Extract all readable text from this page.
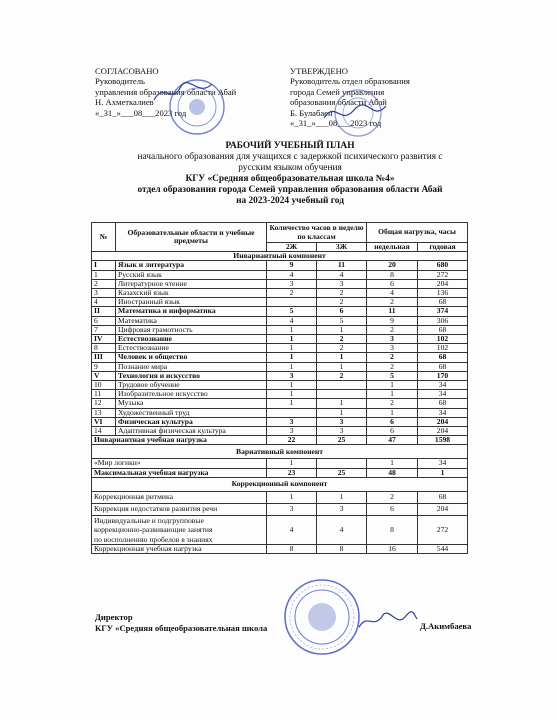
СОГЛАСОВАНО
Руководитель
управления образования области Абай
Н. Ахметкалиев
«_31_»___08___2023 год
УТВЕРЖДЕНО
Руководитель отдел образования
города Семей управления
образования области Абай
Б. Булабаен
«_31_»___08___2023 год
РАБОЧИЙ УЧЕБНЫЙ ПЛАН
начального образования для учащихся с задержкой психического развития с
русским языком обучения
КГУ «Средняя общеобразовательная школа №4»
отдел образования города Семей управления образования области Абай
на 2023-2024 учебный год
№	Образовательные области и учебные предметы	Количество часов в неделю по классам		Общая нагрузка, часы	
		2Ж	3Ж	недельная	годовая
Инвариантный компонент					
I	Язык и литература	9	11	20	680
1	Русский язык	4	4	8	272
2	Литературное чтение	3	3	6	204
3	Казахский язык	2	2	4	136
4	Иностранный язык		2	2	68
II	Математика и информатика	5	6	11	374
6	Математика	4	5	9	306
7	Цифровая грамотность	1	1	2	68
IV	Естествознание	1	2	3	102
8	Естествознание	1	2	3	102
III	Человек и общество	1	1	2	68
9	Познание мира	1	1	2	68
V	Технология и искусство	3	2	5	170
10	Трудовое обучение	1		1	34
11	Изобразительное искусство	1		1	34
12	Музыка	1	1	2	68
13	Художественный труд		1	1	34
VI	Физическая культура	3	3	6	204
14	Адаптивная физическая культура	3	3	6	204
Инвариантная учебная нагрузка		22	25	47	1598
Вариативный компонент					
«Мир логики»		1		1	34
Максимальная учебная нагрузка		23	25	48	1
Коррекционный компонент					
Коррекционная ритмика		1	1	2	68
Коррекция недостатков развития речи		3	3	6	204

Индивидуальные и подгрупповые
коррекционно-развивающие занятия
по восполнению пробелов в знаниях		4	4	8	272
Коррекционная учебная нагрузка		8	8	16	544
Директор
КГУ «Средняя общеобразовательная школа	Д.Акимбаева
